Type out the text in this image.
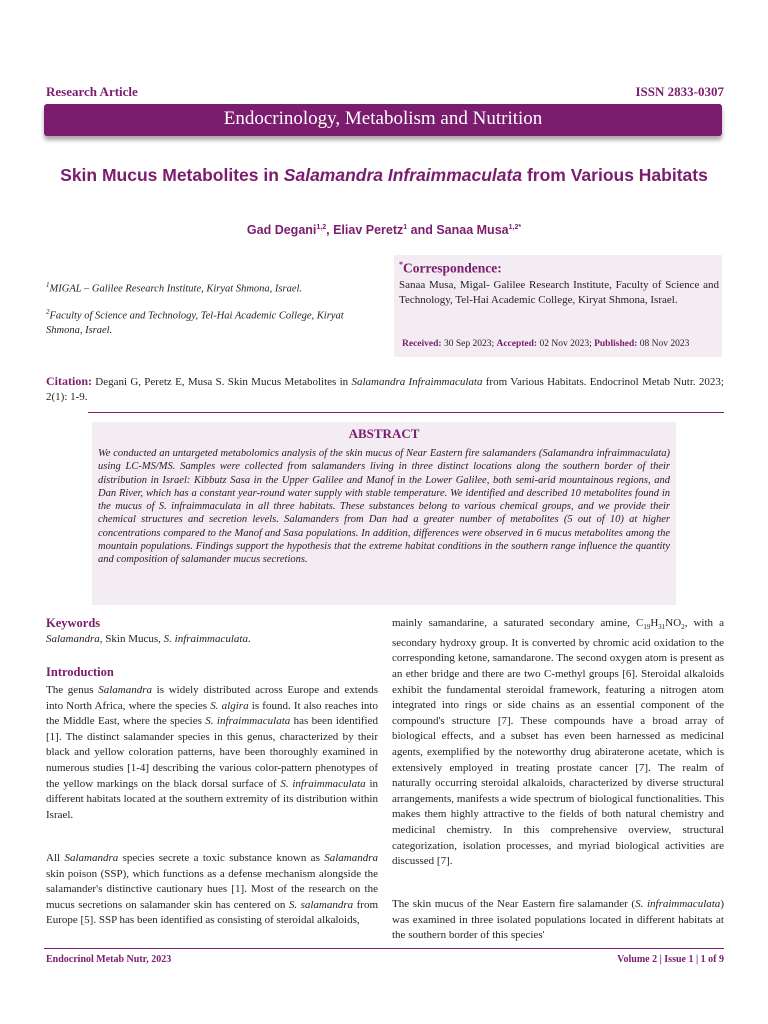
Research Article	ISSN 2833-0307
Endocrinology, Metabolism and Nutrition
Skin Mucus Metabolites in Salamandra Infraimmaculata from Various Habitats
Gad Degani$^{1,2}$, Eliav Peretz$^1$ and Sanaa Musa$^{1,2*}$
$^1$MIGAL – Galilee Research Institute, Kiryat Shmona, Israel.
$^2$Faculty of Science and Technology, Tel-Hai Academic College, Kiryat Shmona, Israel.
*Correspondence:
Sanaa Musa, Migal- Galilee Research Institute, Faculty of Science and Technology, Tel-Hai Academic College, Kiryat Shmona, Israel.
Received: 30 Sep 2023; Accepted: 02 Nov 2023; Published: 08 Nov 2023
Citation: Degani G, Peretz E, Musa S. Skin Mucus Metabolites in Salamandra Infraimmaculata from Various Habitats. Endocrinol Metab Nutr. 2023; 2(1): 1-9.
ABSTRACT
We conducted an untargeted metabolomics analysis of the skin mucus of Near Eastern fire salamanders (Salamandra infraimmaculata) using LC-MS/MS. Samples were collected from salamanders living in three distinct locations along the southern border of their distribution in Israel: Kibbutz Sasa in the Upper Galilee and Manof in the Lower Galilee, both semi-arid mountainous regions, and Dan River, which has a constant year-round water supply with stable temperature. We identified and described 10 metabolites found in the mucus of S. infraimmaculata in all three habitats. These substances belong to various chemical groups, and we provide their chemical structures and secretion levels. Salamanders from Dan had a greater number of metabolites (5 out of 10) at higher concentrations compared to the Manof and Sasa populations. In addition, differences were observed in 6 mucus metabolites among the mountain populations. Findings support the hypothesis that the extreme habitat conditions in the southern range influence the quantity and composition of salamander mucus secretions.
Keywords
Salamandra, Skin Mucus, S. infraimmaculata.
Introduction
The genus Salamandra is widely distributed across Europe and extends into North Africa, where the species S. algira is found. It also reaches into the Middle East, where the species S. infraimmaculata has been identified [1]. The distinct salamander species in this genus, characterized by their black and yellow coloration patterns, have been thoroughly examined in numerous studies [1-4] describing the various color-pattern phenotypes of the yellow markings on the black dorsal surface of S. infraimmaculata in different habitats located at the southern extremity of its distribution within Israel.
All Salamandra species secrete a toxic substance known as Salamandra skin poison (SSP), which functions as a defense mechanism alongside the salamander's distinctive cautionary hues [1]. Most of the research on the mucus secretions on salamander skin has centered on S. salamandra from Europe [5]. SSP has been identified as consisting of steroidal alkaloids,
mainly samandarine, a saturated secondary amine, $C_{19}H_{31}NO_2$, with a secondary hydroxy group. It is converted by chromic acid oxidation to the corresponding ketone, samandarone. The second oxygen atom is present as an ether bridge and there are two C-methyl groups [6]. Steroidal alkaloids exhibit the fundamental steroidal framework, featuring a nitrogen atom integrated into rings or side chains as an essential component of the compound's structure [7]. These compounds have a broad array of biological effects, and a subset has even been harnessed as medicinal agents, exemplified by the noteworthy drug abiraterone acetate, which is extensively employed in treating prostate cancer [7]. The realm of naturally occurring steroidal alkaloids, characterized by diverse structural arrangements, manifests a wide spectrum of biological functionalities. This makes them highly attractive to the fields of both natural chemistry and medicinal chemistry. In this comprehensive overview, structural categorization, isolation processes, and myriad biological activities are discussed [7].
The skin mucus of the Near Eastern fire salamander (S. infraimmaculata) was examined in three isolated populations located in different habitats at the southern border of this species'
Endocrinol Metab Nutr, 2023	Volume 2 | Issue 1 | 1 of 9
